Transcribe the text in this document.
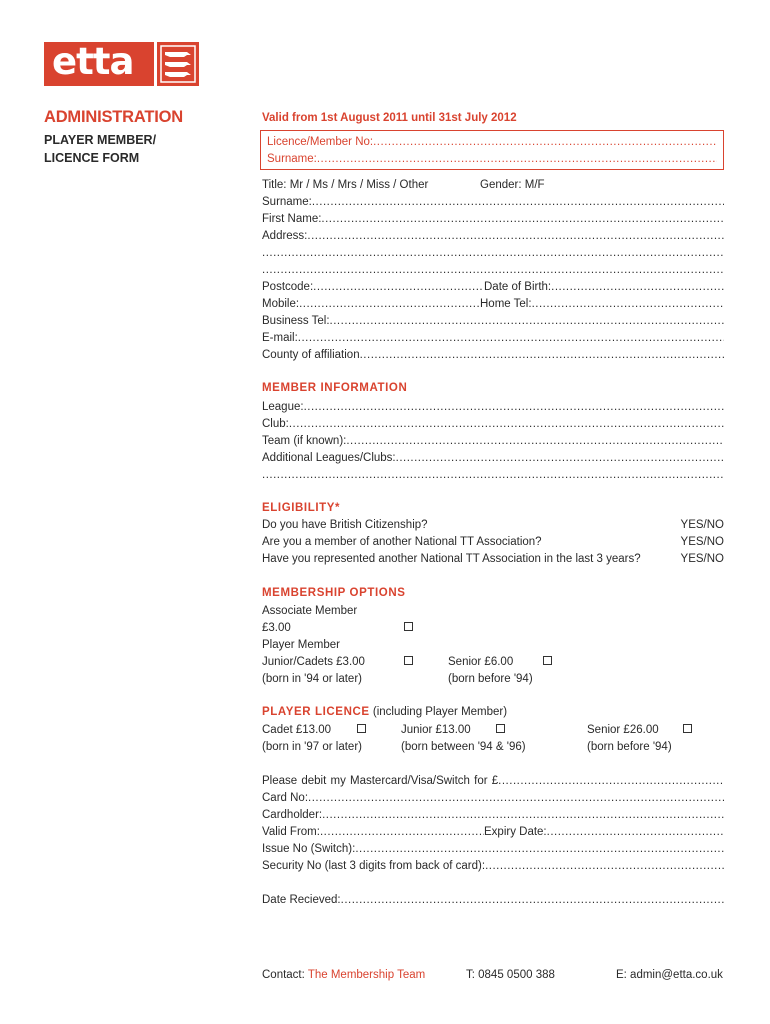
etta
ADMINISTRATION
PLAYER MEMBER/
LICENCE FORM
Valid from 1st August 2011 until 31st July 2012
Licence/Member No:
.....
Surname:
.....
Title: Mr / Ms / Mrs / Miss / Other	Gender: M/F
Surname:
.....
First Name:
.....
Address:
.....
.....
.....
Postcode: .....	Date of Birth:
.....
Mobile: .....	Home Tel:
.....
Business Tel:
.....
E-mail:
.....
County of affiliation
.....
MEMBER INFORMATION
League:
.....
Club:
.....
Team (if known):
.....
Additional Leagues/Clubs:
.....
.....
ELIGIBILITY*
Do you have British Citizenship?	YES/NO
Are you a member of another National TT Association?	YES/NO
Have you represented another National TT Association in the last 3 years?	YES/NO
MEMBERSHIP OPTIONS
Associate Member
£3.00
Player Member
Junior/Cadets £3.00	Senior £6.00
(born in '94 or later)	(born before '94)
PLAYER LICENCE (including Player Member)
Cadet £13.00	Junior £13.00	Senior £26.00
(born in '97 or later)	(born between '94 & '96)	(born before '94)
Please debit my Mastercard/Visa/Switch for £
.....
Card No:
.....
Cardholder:
.....
Valid From: .....	Expiry Date:
.....
Issue No (Switch):
.....
Security No (last 3 digits from back of card):
.....
Date Recieved:
.....
Contact: The Membership Team	T: 0845 0500 388	E: admin@etta.co.uk
